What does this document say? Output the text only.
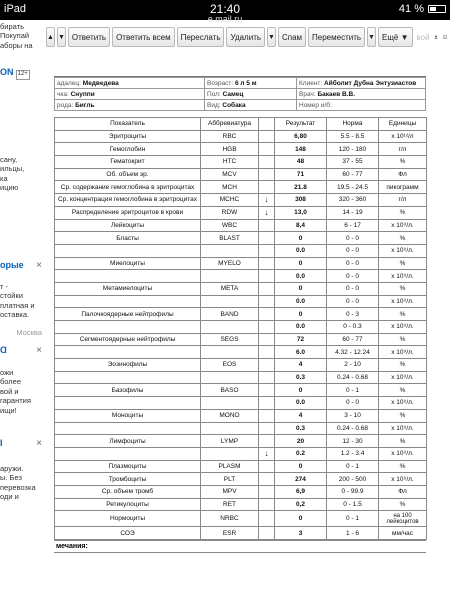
iPad	21:40
e.mail.ru
41 %
бирать
Покупай
аборы на
ON 12+
сану,
ильцы,
ка
ицию
орые ×
т -
стойки
платная и
оставка.
Москва
Ɑ	×
ожи
более
вой и
гарантия
ищи!
I	×
аружи.
ы. Без
перевозка
оди и
▲ ▼ Ответить	Ответить всем	Переслать	Удалить	▼ Спам	Переместить	▼ Ещё
▼ вой
адалец: Медведева	Возраст: 6 л 5 м	Клиент: Айболит Дубна Энтузиастов
чка: Снуппи	Пол: Самец	Врач: Бакаев В.В.
рода: Бигль	Вид: Собака	Номер и/б:
Показатель	Аббревиатура		Результат	Норма	Единицы
Эритроциты	RBC		6,80	5.5 - 8.5	х 10¹²/л
Гемоглобин	HGB		148	120 - 180	г/л
Гематокрит	HTC		48	37 - 55	%
Об. объем эр.	MCV		71	60 - 77	Фл
Ср. содержание гемоглобина в эритроцитах	MCH		21.8	19.5 - 24.5	пикограмм
Ср. концентрация гемоглобина в эритроцитах	MCHC	↓	308	320 - 360	г/л
Распределение эритроцитов в крови	RDW	↓	13,0	14 - 19	%
Лейкоциты	WBC		8,4	6 - 17	х 10⁹/л.
Бласты	BLAST		0	0 - 0	%
			0.0	0 - 0	х 10⁹/л.
Миелоциты	MYELO		0	0 - 0	%
			0.0	0 - 0	х 10⁹/л.
Метамиелоциты	META		0	0 - 0	%
			0.0	0 - 0	х 10⁹/л.
Палочкоядерные нейтрофилы	BAND		0	0 - 3	%
			0.0	0 - 0.3	х 10⁹/л.
Сегментоядерные нейтрофилы	SEGS		72	60 - 77	%
			6.0	4.32 - 12.24	х 10⁹/л.
Эозинофилы	EOS		4	2 - 10	%
			0.3	0.24 - 0.68	х 10⁹/л.
Базофилы	BASO		0	0 - 1	%
			0.0	0 - 0	х 10⁹/л.
Моноциты	MONO		4	3 - 10	%
			0.3	0.24 - 0.68	х 10⁹/л.
Лимфоциты	LYMP		20	12 - 30	%
		↓	0.2	1.2 - 3.4	х 10⁹/л.
Плазмоциты	PLASM		0	0 - 1	%
Тромбоциты	PLT		274	200 - 500	х 10⁹/л.
Ср. объем тромб	MPV		6,9	0 - 99.9	Фл
Ретикулоциты	RET		0,2	0 - 1.5	%
Нормоциты	NRBC		0	0 - 1	на 100 лейкоцитов
СОЭ	ESR		3	1 - 6	мм/час
мечания:
